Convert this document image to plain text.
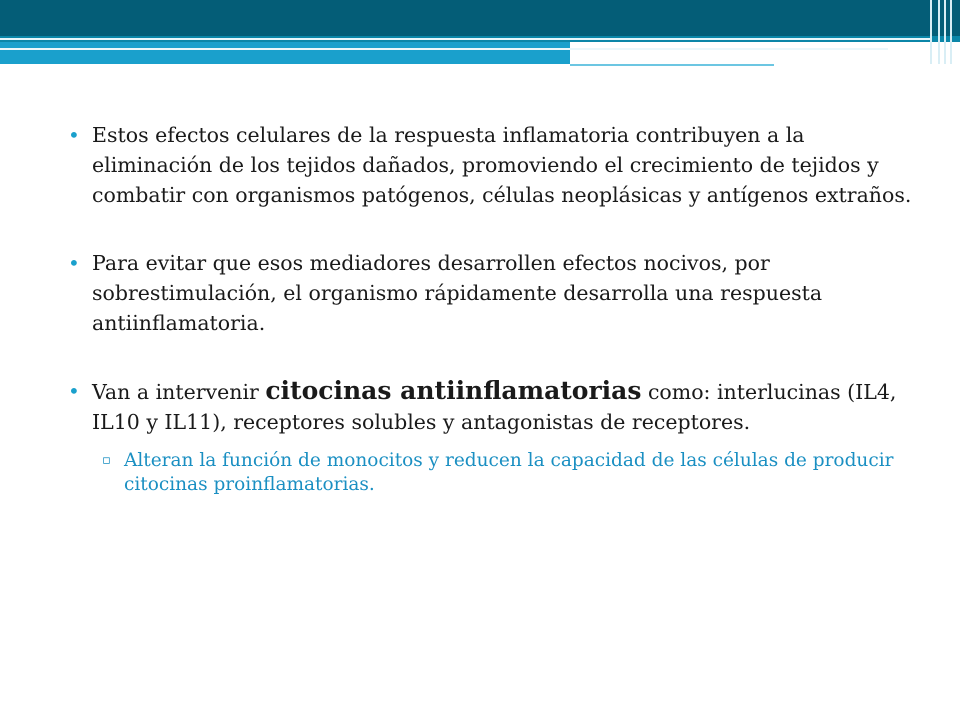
• Estos efectos celulares de la respuesta inflamatoria contribuyen a la eliminación de los tejidos dañados, promoviendo el crecimiento de tejidos y combatir con organismos patógenos, células neoplásicas y antígenos extraños.
• Para evitar que esos mediadores desarrollen efectos nocivos, por sobrestimulación, el organismo rápidamente desarrolla una respuesta antiinflamatoria.
• Van a intervenir citocinas antiinflamatorias como: interlucinas (IL4, IL10 y IL11), receptores solubles y antagonistas de receptores.
▫ Alteran la función de monocitos y reducen la capacidad de las células de producir citocinas proinflamatorias.
